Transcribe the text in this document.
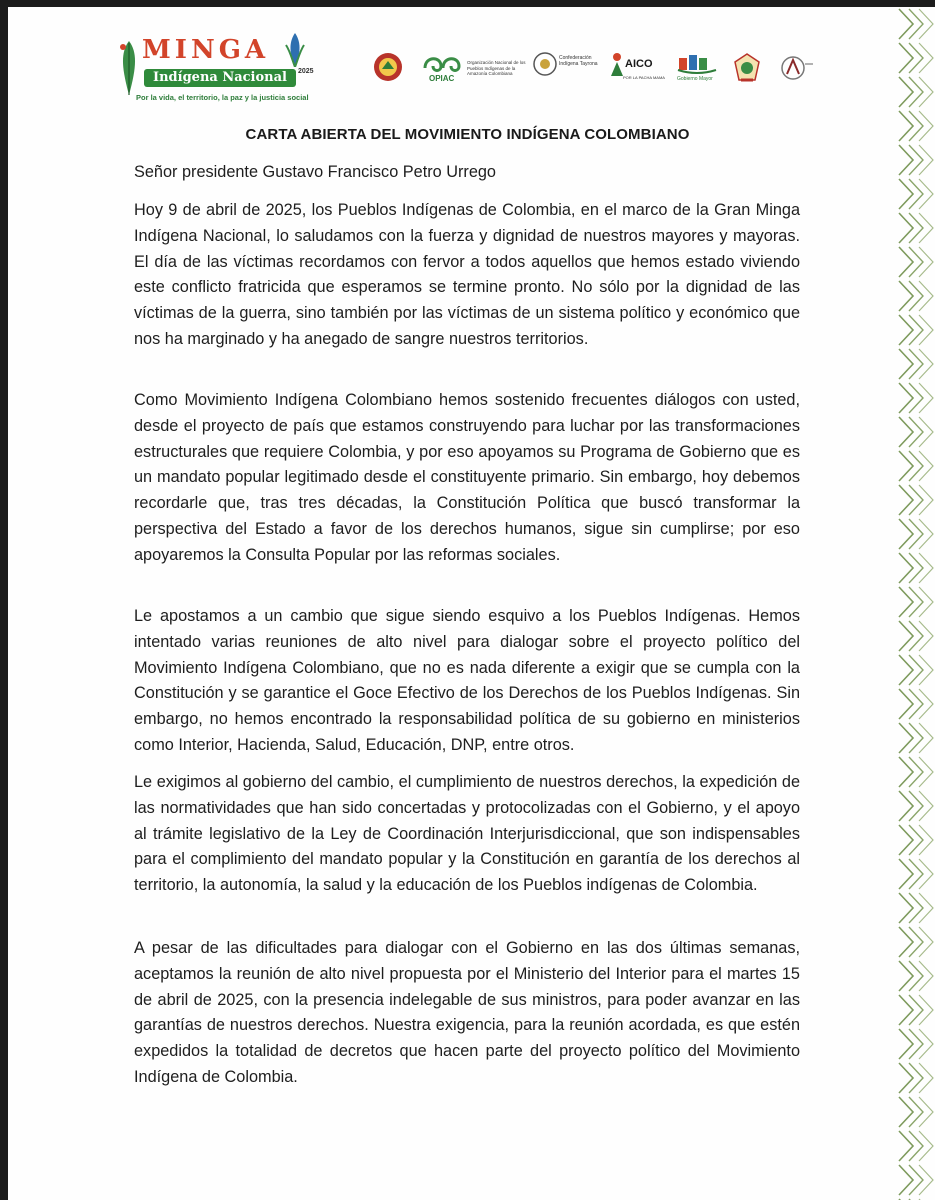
MINGA
Indígena Nacional	2025
Por la vida, el territorio, la paz y la justicia social
OPIAC
Organización Nacional de los Pueblos Indígenas de la Amazonía Colombiana
Confederación Indígena Tayrona AICO
POR LA PACHA MAMA Gobierno Mayor
CARTA ABIERTA DEL MOVIMIENTO INDÍGENA COLOMBIANO
Señor presidente Gustavo Francisco Petro Urrego

Hoy 9 de abril de 2025, los Pueblos Indígenas de Colombia, en el marco de la Gran Minga Indígena Nacional, lo saludamos con la fuerza y dignidad de nuestros mayores y mayoras. El día de las víctimas recordamos con fervor a todos aquellos que hemos estado viviendo este conflicto fratricida que esperamos se termine pronto. No sólo por la dignidad de las víctimas de la guerra, sino también por las víctimas de un sistema político y económico que nos ha marginado y ha anegado de sangre nuestros territorios.

Como Movimiento Indígena Colombiano hemos sostenido frecuentes diálogos con usted, desde el proyecto de país que estamos construyendo para luchar por las transformaciones estructurales que requiere Colombia, y por eso apoyamos su Programa de Gobierno que es un mandato popular legitimado desde el constituyente primario. Sin embargo, hoy debemos recordarle que, tras tres décadas, la Constitución Política que buscó transformar la perspectiva del Estado a favor de los derechos humanos, sigue sin cumplirse; por eso apoyaremos la Consulta Popular por las reformas sociales.

Le apostamos a un cambio que sigue siendo esquivo a los Pueblos Indígenas. Hemos intentado varias reuniones de alto nivel para dialogar sobre el proyecto político del Movimiento Indígena Colombiano, que no es nada diferente a exigir que se cumpla con la Constitución y se garantice el Goce Efectivo de los Derechos de los Pueblos Indígenas. Sin embargo, no hemos encontrado la responsabilidad política de su gobierno en ministerios como Interior, Hacienda, Salud, Educación, DNP, entre otros.

Le exigimos al gobierno del cambio, el cumplimiento de nuestros derechos, la expedición de las normatividades que han sido concertadas y protocolizadas con el Gobierno, y el apoyo al trámite legislativo de la Ley de Coordinación Interjurisdiccional, que son indispensables para el complimiento del mandato popular y la Constitución en garantía de los derechos al territorio, la autonomía, la salud y la educación de los Pueblos indígenas de Colombia.

A pesar de las dificultades para dialogar con el Gobierno en las dos últimas semanas, aceptamos la reunión de alto nivel propuesta por el Ministerio del Interior para el martes 15 de abril de 2025, con la presencia indelegable de sus ministros, para poder avanzar en las garantías de nuestros derechos. Nuestra exigencia, para la reunión acordada, es que estén expedidos la totalidad de decretos que hacen parte del proyecto político del Movimiento Indígena de Colombia.
